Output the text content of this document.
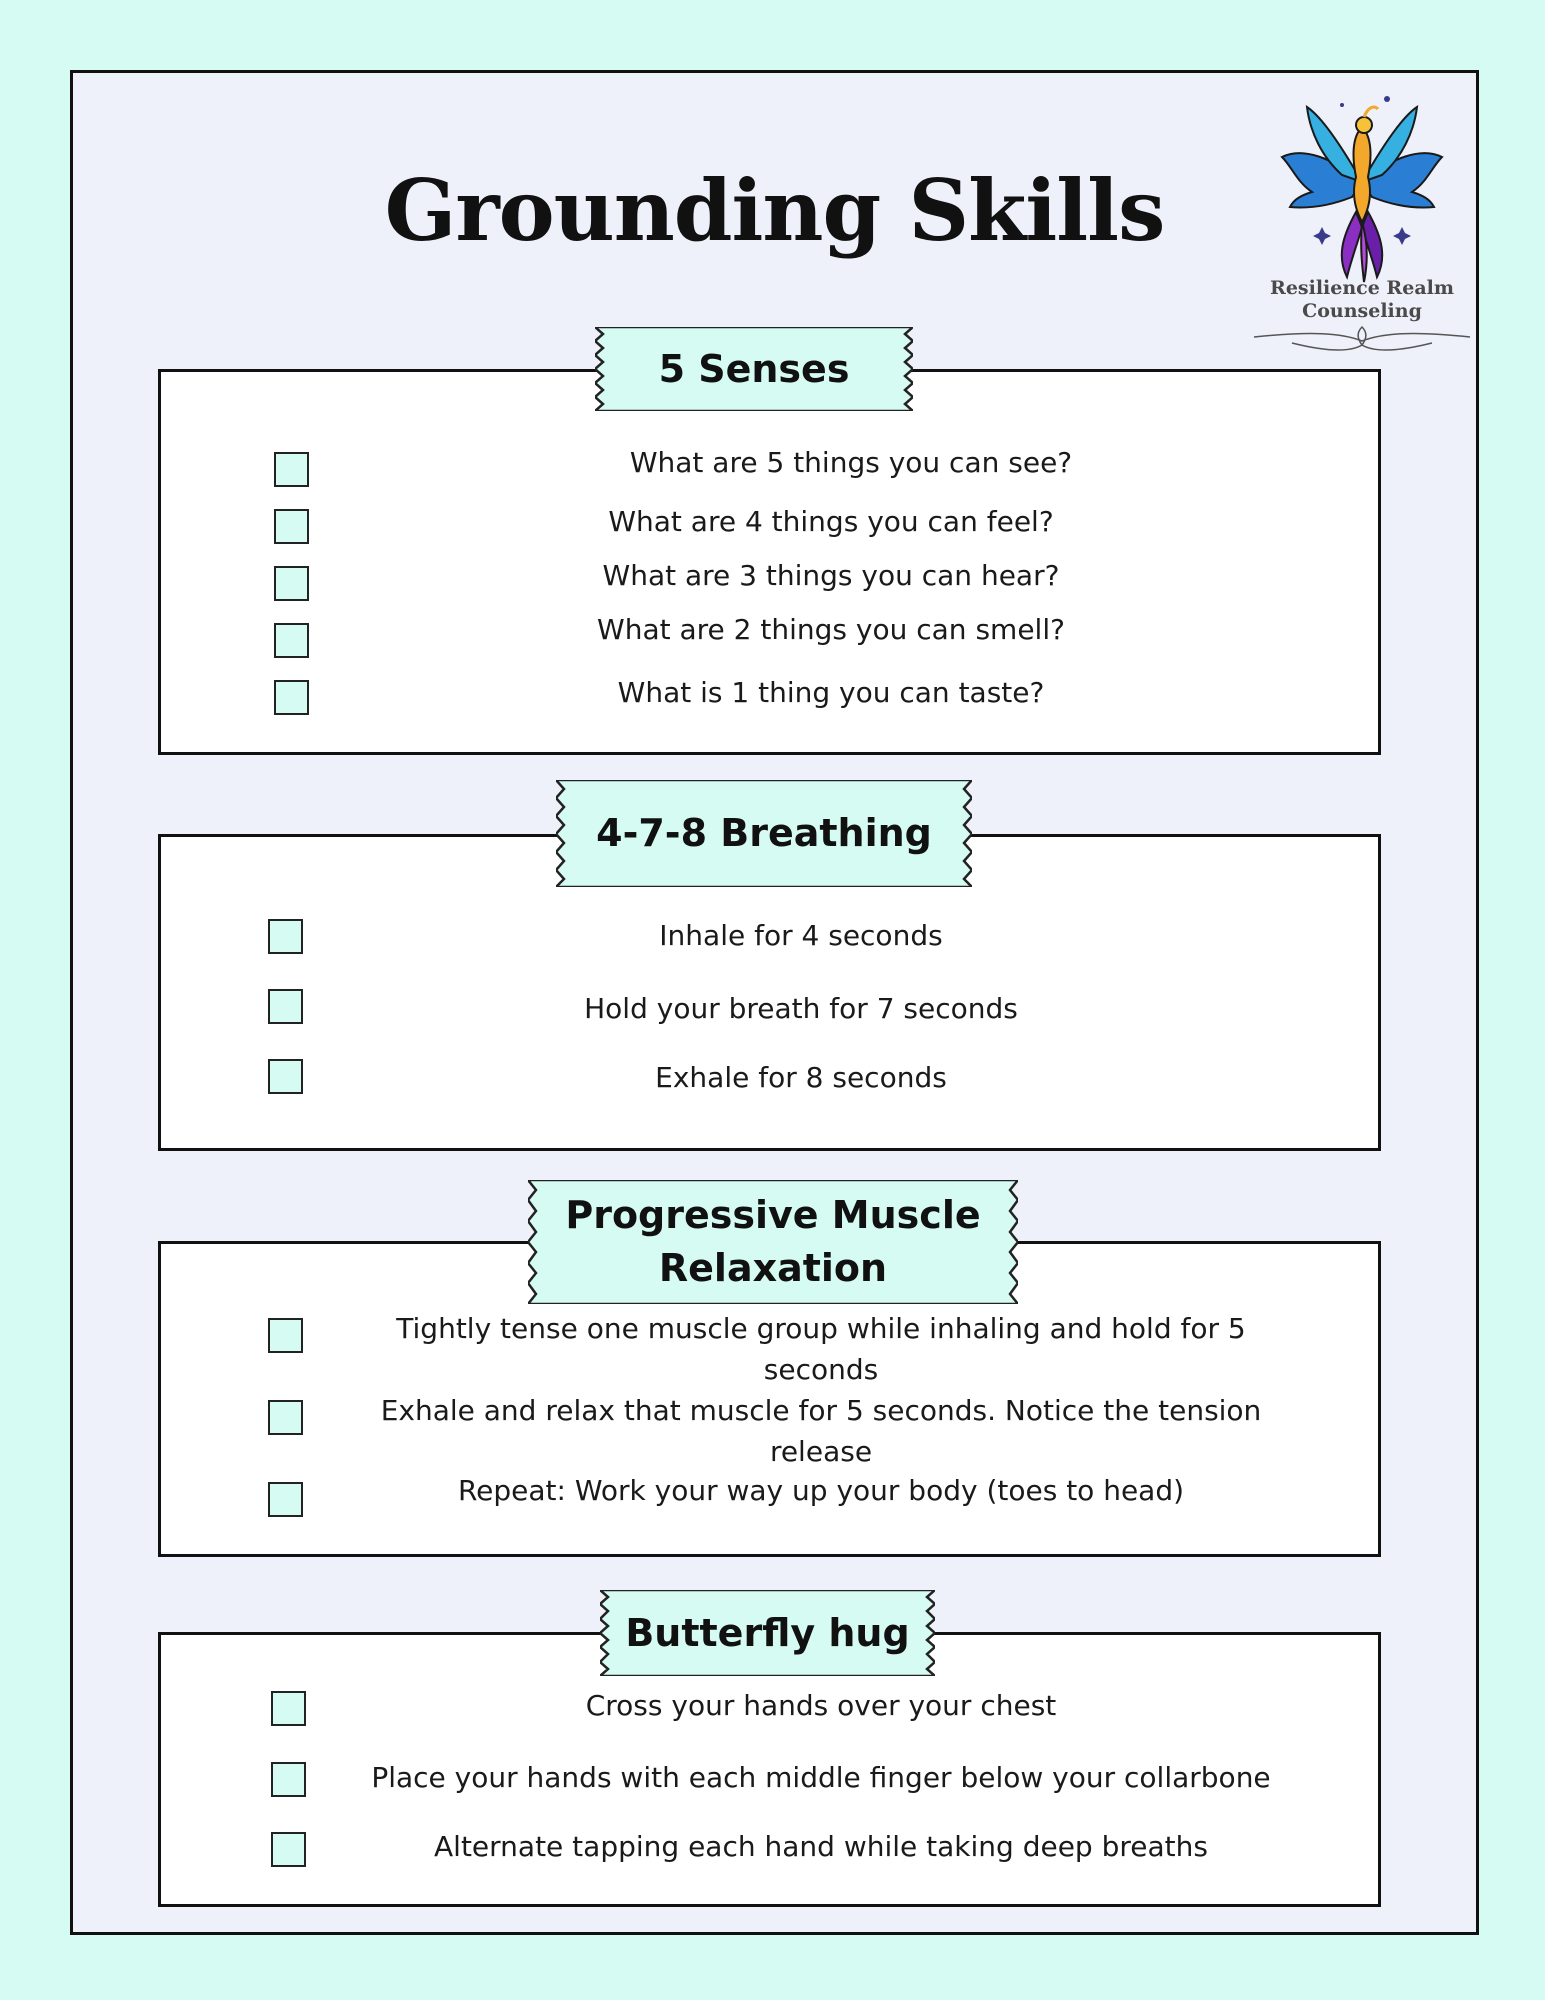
Grounding Skills
Resilience Realm
Counseling
What are 5 things you can see?
What are 4 things you can feel?
What are 3 things you can hear?
What are 2 things you can smell?
What is 1 thing you can taste?
5 Senses
Inhale for 4 seconds
Hold your breath for 7 seconds
Exhale for 8 seconds
4-7-8 Breathing
Tightly tense one muscle group while inhaling and hold for 5 seconds
Exhale and relax that muscle for 5 seconds. Notice the tension release
Repeat: Work your way up your body (toes to head)
Progressive Muscle Relaxation
Cross your hands over your chest
Place your hands with each middle finger below your collarbone
Alternate tapping each hand while taking deep breaths
Butterfly hug
